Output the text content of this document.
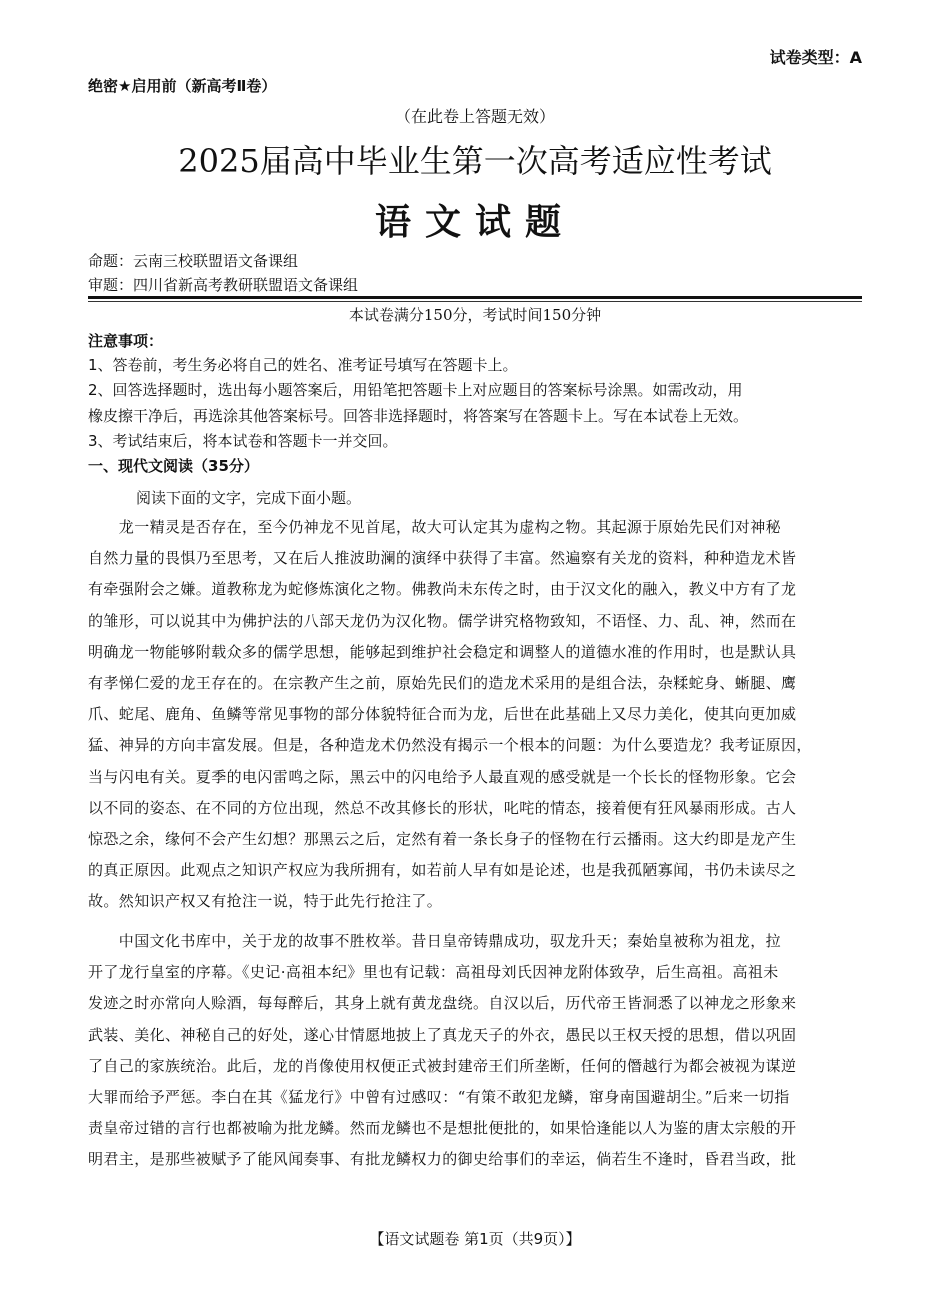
试卷类型：A
绝密★启用前（新高考Ⅱ卷）
（在此卷上答题无效）
2025届高中毕业生第一次高考适应性考试
语文试题
命题：云南三校联盟语文备课组
审题：四川省新高考教研联盟语文备课组
本试卷满分150分，考试时间150分钟
注意事项：
1、答卷前，考生务必将自己的姓名、准考证号填写在答题卡上。
2、回答选择题时，选出每小题答案后，用铅笔把答题卡上对应题目的答案标号涂黑。如需改动，用
橡皮擦干净后，再选涂其他答案标号。回答非选择题时，将答案写在答题卡上。写在本试卷上无效。
3、考试结束后，将本试卷和答题卡一并交回。
一、现代文阅读（35分）
阅读下面的文字，完成下面小题。
　　龙一精灵是否存在，至今仍神龙不见首尾，故大可认定其为虚构之物。其起源于原始先民们对神秘
自然力量的畏惧乃至思考，又在后人推波助澜的演绎中获得了丰富。然遍察有关龙的资料，种种造龙术皆
有牵强附会之嫌。道教称龙为蛇修炼演化之物。佛教尚未东传之时，由于汉文化的融入，教义中方有了龙
的雏形，可以说其中为佛护法的八部天龙仍为汉化物。儒学讲究格物致知，不语怪、力、乱、神，然而在
明确龙一物能够附载众多的儒学思想，能够起到维护社会稳定和调整人的道德水准的作用时，也是默认具
有孝悌仁爱的龙王存在的。在宗教产生之前，原始先民们的造龙术采用的是组合法，杂糅蛇身、蜥腿、鹰
爪、蛇尾、鹿角、鱼鳞等常见事物的部分体貌特征合而为龙，后世在此基础上又尽力美化，使其向更加威
猛、神异的方向丰富发展。但是，各种造龙术仍然没有揭示一个根本的问题：为什么要造龙？我考证原因，
当与闪电有关。夏季的电闪雷鸣之际，黑云中的闪电给予人最直观的感受就是一个长长的怪物形象。它会
以不同的姿态、在不同的方位出现，然总不改其修长的形状，叱咤的情态，接着便有狂风暴雨形成。古人
惊恐之余，缘何不会产生幻想？那黑云之后，定然有着一条长身子的怪物在行云播雨。这大约即是龙产生
的真正原因。此观点之知识产权应为我所拥有，如若前人早有如是论述，也是我孤陋寡闻，书仍未读尽之
故。然知识产权又有抢注一说，特于此先行抢注了。
　　中国文化书库中，关于龙的故事不胜枚举。昔日皇帝铸鼎成功，驭龙升天；秦始皇被称为祖龙，拉
开了龙行皇室的序幕。《史记·高祖本纪》里也有记载：高祖母刘氏因神龙附体致孕，后生高祖。高祖未
发迹之时亦常向人赊酒，每每醉后，其身上就有黄龙盘绕。自汉以后，历代帝王皆洞悉了以神龙之形象来
武装、美化、神秘自己的好处，遂心甘情愿地披上了真龙天子的外衣，愚民以王权天授的思想，借以巩固
了自己的家族统治。此后，龙的肖像使用权便正式被封建帝王们所垄断，任何的僭越行为都会被视为谋逆
大罪而给予严惩。李白在其《猛龙行》中曾有过感叹：“有策不敢犯龙鳞，窜身南国避胡尘。”后来一切指
责皇帝过错的言行也都被喻为批龙鳞。然而龙鳞也不是想批便批的，如果恰逢能以人为鉴的唐太宗般的开
明君主，是那些被赋予了能风闻奏事、有批龙鳞权力的御史给事们的幸运，倘若生不逢时，昏君当政，批
【语文试题卷 第1页（共9页）】
